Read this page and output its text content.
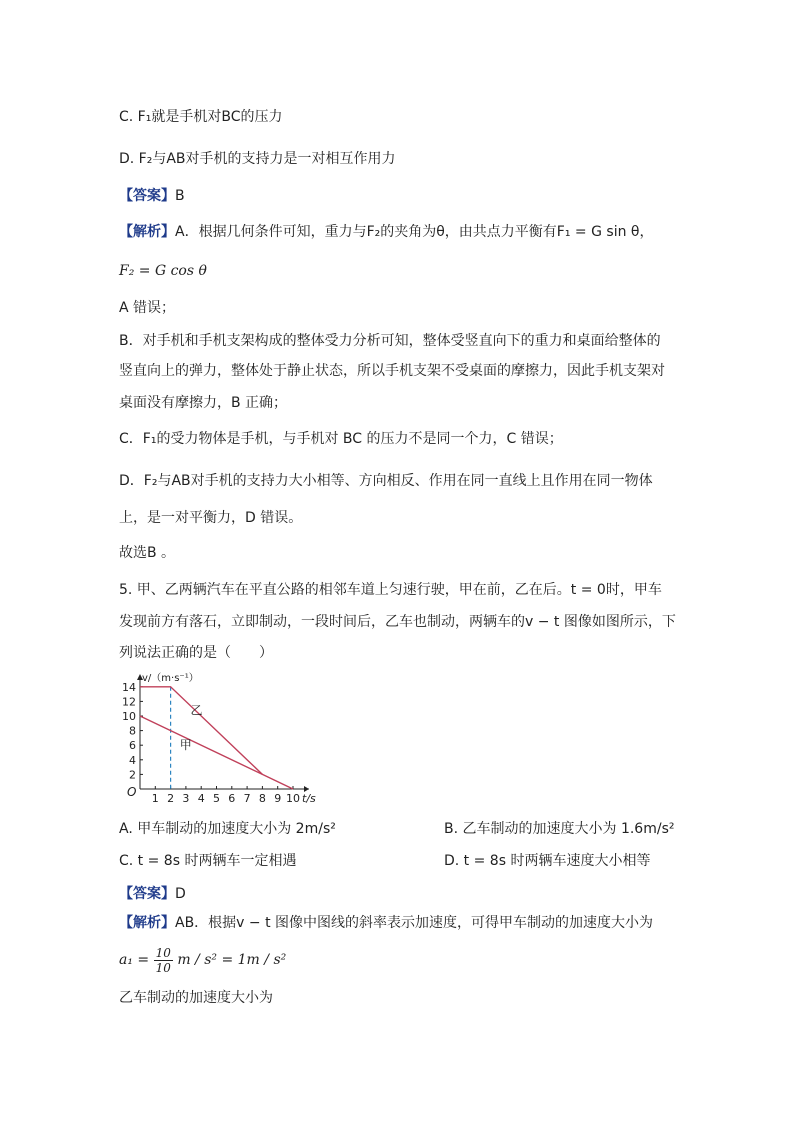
C. F₁就是手机对BC的压力
D. F₂与AB对手机的支持力是一对相互作用力
【答案】B
【解析】A．根据几何条件可知，重力与F₂的夹角为θ，由共点力平衡有F₁ = G sin θ，
F₂ = G cos θ
A 错误；
B．对手机和手机支架构成的整体受力分析可知，整体受竖直向下的重力和桌面给整体的
竖直向上的弹力，整体处于静止状态，所以手机支架不受桌面的摩擦力，因此手机支架对
桌面没有摩擦力，B 正确；
C．F₁的受力物体是手机，与手机对 BC 的压力不是同一个力，C 错误；
D．F₂与AB对手机的支持力大小相等、方向相反、作用在同一直线上且作用在同一物体
上，是一对平衡力，D 错误。
故选B 。
5. 甲、乙两辆汽车在平直公路的相邻车道上匀速行驶，甲在前，乙在后。t = 0时，甲车
发现前方有落石，立即制动，一段时间后，乙车也制动，两辆车的v − t 图像如图所示，下
列说法正确的是（　　）
v/（m·s⁻¹）
t/s
O 1 2 3 4 5 6 7 8 9 10
2
4
6
8
10
12
14
乙
甲
A. 甲车制动的加速度大小为 2m/s²	B. 乙车制动的加速度大小为 1.6m/s²
C. t = 8s 时两辆车一定相遇	D. t = 8s 时两辆车速度大小相等
【答案】D
【解析】AB．根据v − t 图像中图线的斜率表示加速度，可得甲车制动的加速度大小为
$a_1 = \frac{10}{10}$ m / s² = 1m / s²
乙车制动的加速度大小为
